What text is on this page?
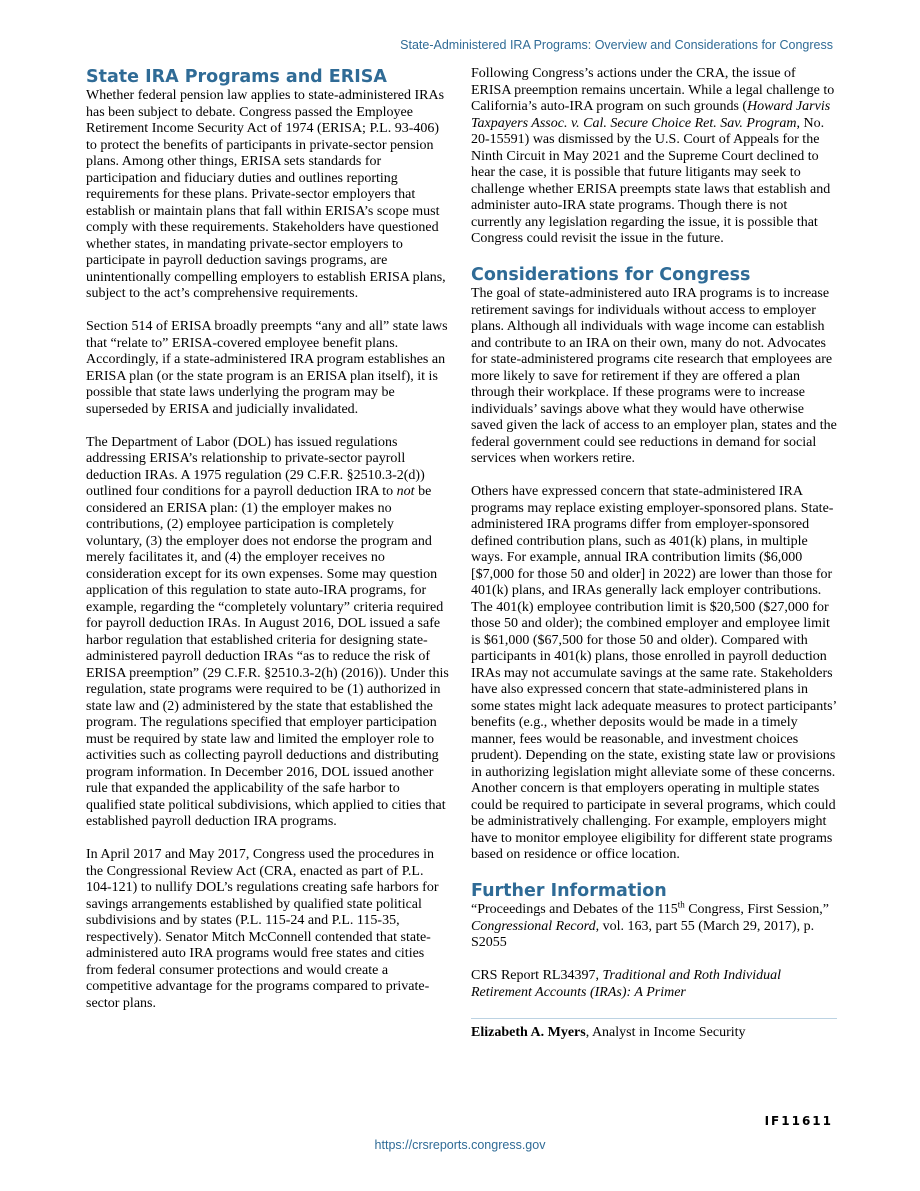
State-Administered IRA Programs: Overview and Considerations for Congress
State IRA Programs and ERISA

Whether federal pension law applies to state-administered IRAs has been subject to debate. Congress passed the Employee Retirement Income Security Act of 1974 (ERISA; P.L. 93-406) to protect the benefits of participants in private-sector pension plans. Among other things, ERISA sets standards for participation and fiduciary duties and outlines reporting requirements for these plans. Private-sector employers that establish or maintain plans that fall within ERISA’s scope must comply with these requirements. Stakeholders have questioned whether states, in mandating private-sector employers to participate in payroll deduction savings programs, are unintentionally compelling employers to establish ERISA plans, subject to the act’s comprehensive requirements.

Section 514 of ERISA broadly preempts “any and all” state laws that “relate to” ERISA-covered employee benefit plans. Accordingly, if a state-administered IRA program establishes an ERISA plan (or the state program is an ERISA plan itself), it is possible that state laws underlying the program may be superseded by ERISA and judicially invalidated.

The Department of Labor (DOL) has issued regulations addressing ERISA’s relationship to private-sector payroll deduction IRAs. A 1975 regulation (29 C.F.R. §2510.3-2(d)) outlined four conditions for a payroll deduction IRA to not be considered an ERISA plan: (1) the employer makes no contributions, (2) employee participation is completely voluntary, (3) the employer does not endorse the program and merely facilitates it, and (4) the employer receives no consideration except for its own expenses. Some may question application of this regulation to state auto-IRA programs, for example, regarding the “completely voluntary” criteria required for payroll deduction IRAs. In August 2016, DOL issued a safe harbor regulation that established criteria for designing state-administered payroll deduction IRAs “as to reduce the risk of ERISA preemption” (29 C.F.R. §2510.3-2(h) (2016)). Under this regulation, state programs were required to be (1) authorized in state law and (2) administered by the state that established the program. The regulations specified that employer participation must be required by state law and limited the employer role to activities such as collecting payroll deductions and distributing program information. In December 2016, DOL issued another rule that expanded the applicability of the safe harbor to qualified state political subdivisions, which applied to cities that established payroll deduction IRA programs.

In April 2017 and May 2017, Congress used the procedures in the Congressional Review Act (CRA, enacted as part of P.L. 104-121) to nullify DOL’s regulations creating safe harbors for savings arrangements established by qualified state political subdivisions and by states (P.L. 115-24 and P.L. 115-35, respectively). Senator Mitch McConnell contended that state-administered auto IRA programs would free states and cities from federal consumer protections and would create a competitive advantage for the programs compared to private-sector plans.

Following Congress’s actions under the CRA, the issue of ERISA preemption remains uncertain. While a legal challenge to California’s auto-IRA program on such grounds (Howard Jarvis Taxpayers Assoc. v. Cal. Secure Choice Ret. Sav. Program, No. 20-15591) was dismissed by the U.S. Court of Appeals for the Ninth Circuit in May 2021 and the Supreme Court declined to hear the case, it is possible that future litigants may seek to challenge whether ERISA preempts state laws that establish and administer auto-IRA state programs. Though there is not currently any legislation regarding the issue, it is possible that Congress could revisit the issue in the future.

Considerations for Congress

The goal of state-administered auto IRA programs is to increase retirement savings for individuals without access to employer plans. Although all individuals with wage income can establish and contribute to an IRA on their own, many do not. Advocates for state-administered programs cite research that employees are more likely to save for retirement if they are offered a plan through their workplace. If these programs were to increase individuals’ savings above what they would have otherwise saved given the lack of access to an employer plan, states and the federal government could see reductions in demand for social services when workers retire.

Others have expressed concern that state-administered IRA programs may replace existing employer-sponsored plans. State-administered IRA programs differ from employer-sponsored defined contribution plans, such as 401(k) plans, in multiple ways. For example, annual IRA contribution limits ($6,000 [$7,000 for those 50 and older] in 2022) are lower than those for 401(k) plans, and IRAs generally lack employer contributions. The 401(k) employee contribution limit is $20,500 ($27,000 for those 50 and older); the combined employer and employee limit is $61,000 ($67,500 for those 50 and older). Compared with participants in 401(k) plans, those enrolled in payroll deduction IRAs may not accumulate savings at the same rate. Stakeholders have also expressed concern that state-administered plans in some states might lack adequate measures to protect participants’ benefits (e.g., whether deposits would be made in a timely manner, fees would be reasonable, and investment choices prudent). Depending on the state, existing state law or provisions in authorizing legislation might alleviate some of these concerns. Another concern is that employers operating in multiple states could be required to participate in several programs, which could be administratively challenging. For example, employers might have to monitor employee eligibility for different state programs based on residence or office location.

Further Information

“Proceedings and Debates of the 115th Congress, First Session,” Congressional Record, vol. 163, part 55 (March 29, 2017), p. S2055

CRS Report RL34397, Traditional and Roth Individual Retirement Accounts (IRAs): A Primer

Elizabeth A. Myers, Analyst in Income Security
IF11611
https://crsreports.congress.gov
